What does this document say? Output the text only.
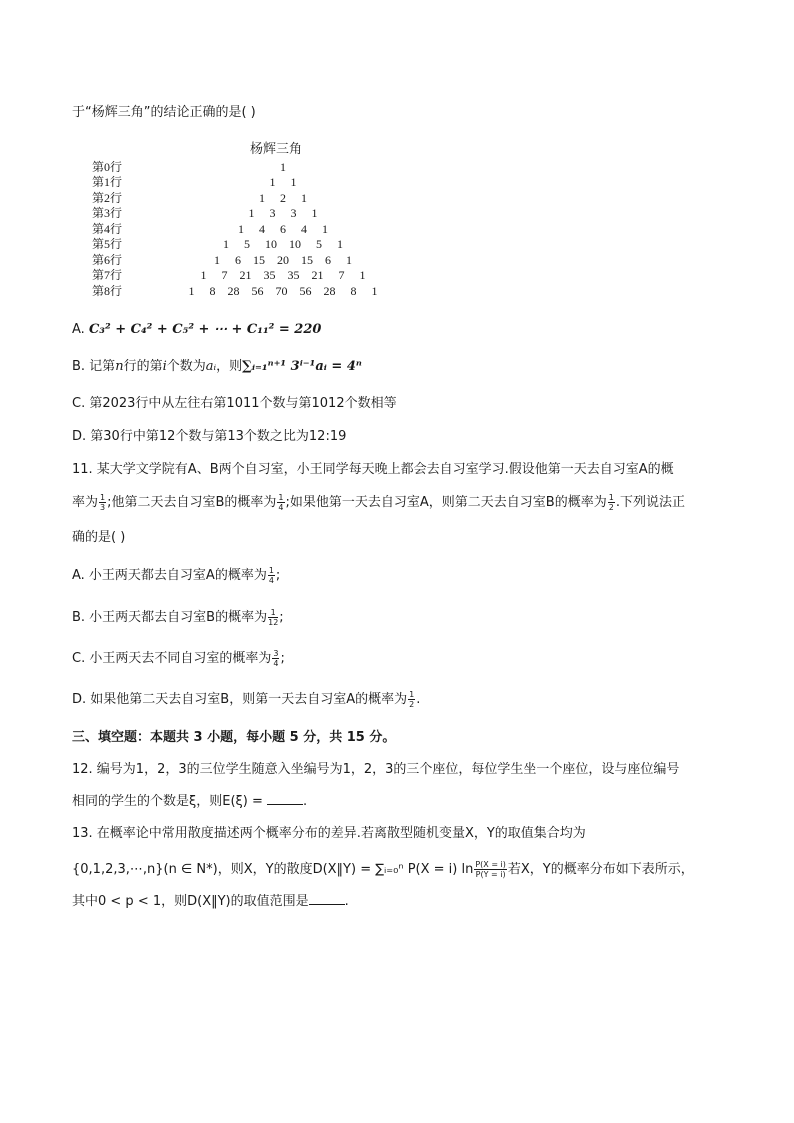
于“杨辉三角”的结论正确的是( )
杨辉三角
第0行	1
第1行	1     1
第2行	1     2     1
第3行	1     3     3     1
第4行	1     4     6     4     1
第5行	1     5     10    10     5     1
第6行	1     6    15    20    15    6     1
第7行	1     7    21    35    35    21     7     1
第8行	1     8    28    56    70    56    28     8     1
A. C₃² + C₄² + C₅² + ⋯ + C₁₁² = 220
B. 记第n行的第i个数为aᵢ，则∑ᵢ₌₁ⁿ⁺¹ 3ⁱ⁻¹aᵢ = 4ⁿ
C. 第2023行中从左往右第1011个数与第1012个数相等
D. 第30行中第12个数与第13个数之比为12:19
11. 某大学文学院有A、B两个自习室，小王同学每天晚上都会去自习室学习.假设他第一天去自习室A的概
率为 $\frac{1}{3}$ ;他第二天去自习室B的概率为 $\frac{1}{4}$ ;如果他第一天去自习室A，则第二天去自习室B的概率为 $\frac{1}{2}$ .下列说法正
确的是( )
A. 小王两天都去自习室A的概率为 $\frac{1}{4}$ ;
B. 小王两天都去自习室B的概率为 $\frac{1}{12}$ ;
C. 小王两天去不同自习室的概率为 $\frac{3}{4}$ ;
D. 如果他第二天去自习室B，则第一天去自习室A的概率为 $\frac{1}{2}$ .
三、填空题：本题共 3 小题，每小题 5 分，共 15 分。
12. 编号为1，2，3的三位学生随意入坐编号为1，2，3的三个座位，每位学生坐一个座位，设与座位编号
相同的学生的个数是ξ，则E(ξ) =	.
13. 在概率论中常用散度描述两个概率分布的差异.若离散型随机变量X，Y的取值集合均为
{0,1,2,3,⋯,n}(n ∈ N*)，则X，Y的散度D(X‖Y) = ∑ᵢ₌₀ⁿ P(X = i) $\ln \frac{P(X = i)}{P(Y = i)}$ 若X，Y的概率分布如下表所示，
其中0 < p < 1，则D(X‖Y)的取值范围是	.
